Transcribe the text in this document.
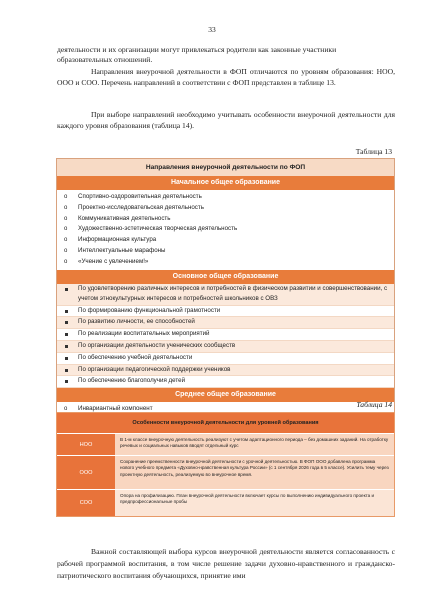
33
деятельности и их организации могут привлекаться родители как законные участники
образовательных отношений.
Направления внеурочной деятельности в ФОП отличаются по уровням образования: НОО, ООО и СОО. Перечень направлений в соответствии с ФОП представлен в таблице 13.
При выборе направлений необходимо учитывать особенности внеурочной деятельности для каждого уровня образования (таблица 14).
Таблица 13
Направления внеурочной деятельности по ФОП
Начальное общее образование
o Спортивно-оздоровительная деятельность
o Проектно-исследовательская деятельность
o Коммуникативная деятельность
o Художественно-эстетическая творческая деятельность
o Информационная культура
o Интеллектуальные марафоны
o «Учение с увлечением!»
Основное общее образование
По удовлетворению различных интересов и потребностей в физическом развитии и совершенствовании, с учетом этнокультурных интересов и потребностей школьников с ОВЗ
По формированию функциональной грамотности
По развитию личности, ее способностей
По реализации воспитательных мероприятий
По организации деятельности ученических сообществ
По обеспечению учебной деятельности
По организации педагогической поддержки учеников
По обеспечению благополучия детей
Среднее общее образование
o Инвариантный компонент	Таблица 14
Особенности внеурочной деятельности для уровней образования
НОО
В 1-м классе внеурочную деятельность реализуют с учетом адаптационного периода – без домашних заданий. На отработку речевых и социальных навыков вводят отдельный курс
ООО
Сохранение преемственности внеурочной деятельности с урочной деятельностью. В ФОП ООО добавлена программа нового учебного предмета «Духовно-нравственная культура России» (с 1 сентября 2026 года в 5 классе). Усилить тему через проектную деятельность, реализуемую во внеурочное время.
СОО
Опора на профилизацию. План внеурочной деятельности включает курсы по выполнению индивидуального проекта и предпрофессиональные пробы
Важной составляющей выбора курсов внеурочной деятельности является согласованность с рабочей программой воспитания, в том числе решение задачи духовно-нравственного и гражданско-патриотического воспитания обучающихся, принятие ими
